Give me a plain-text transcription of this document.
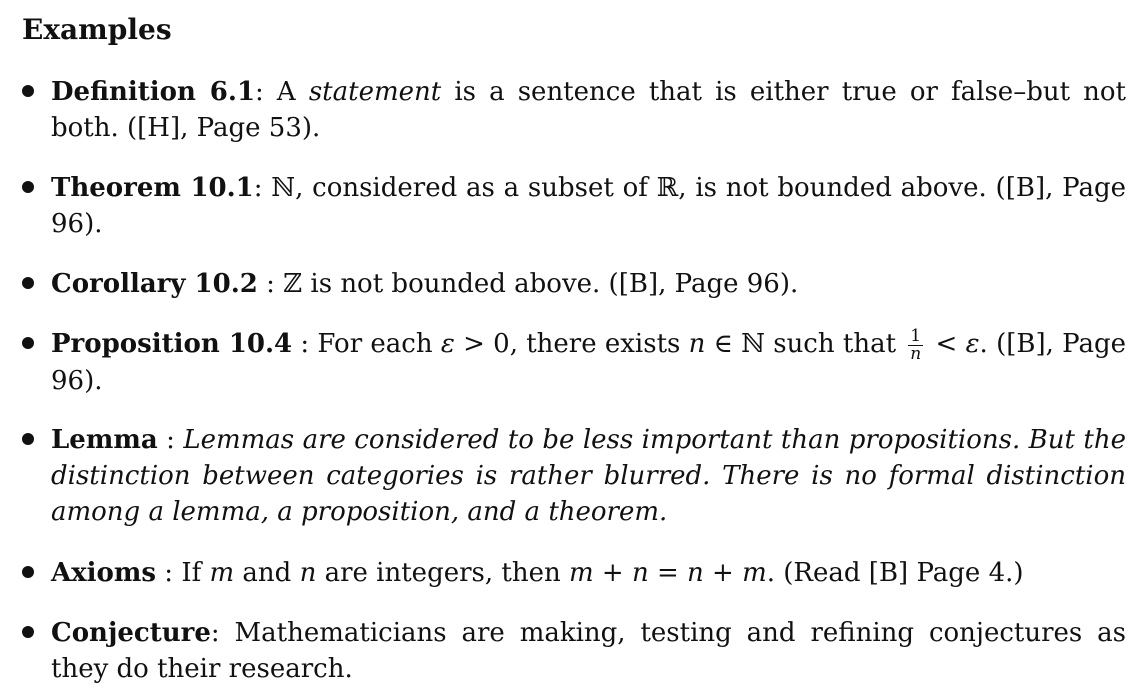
Examples
Definition 6.1: A statement is a sentence that is either true or false–but not both. ([H], Page 53).
Theorem 10.1: ℕ, considered as a subset of ℝ, is not bounded above. ([B], Page 96).
Corollary 10.2 : ℤ is not bounded above. ([B], Page 96).
Proposition 10.4 : For each ε > 0, there exists n ∈ ℕ such that $\frac{1}{n} < \varepsilon$. ([B], Page 96).
Lemma : Lemmas are considered to be less important than propositions. But the distinction between categories is rather blurred. There is no formal distinction among a lemma, a proposition, and a theorem.
Axioms : If m and n are integers, then m + n = n + m. (Read [B] Page 4.)
Conjecture: Mathematicians are making, testing and refining conjectures as they do their research.
